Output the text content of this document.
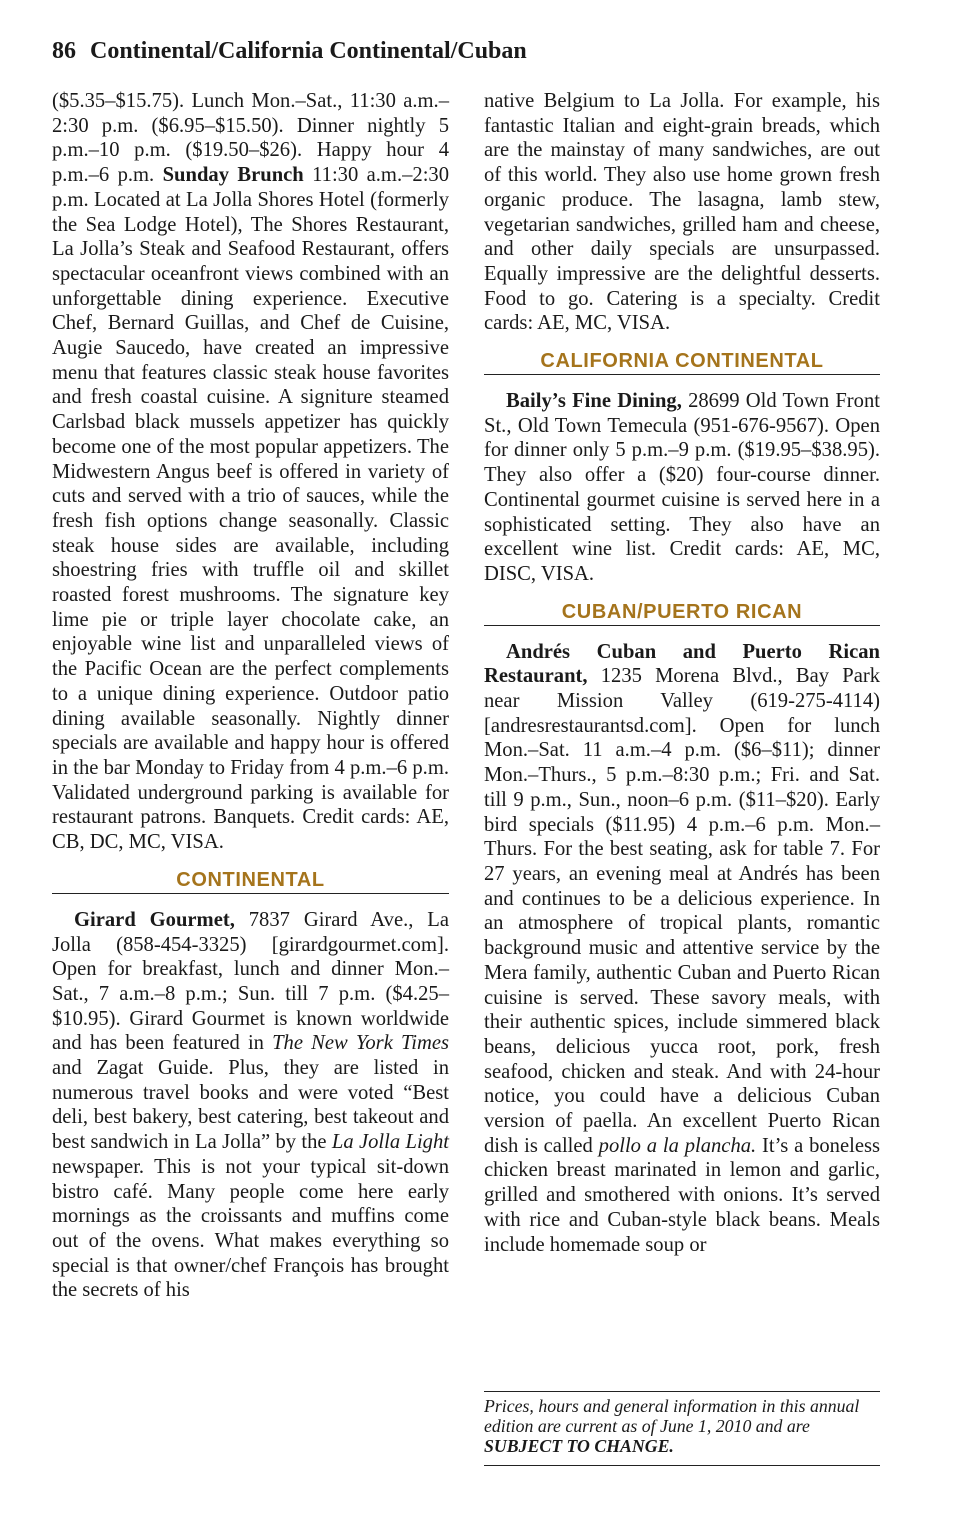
86 Continental/California Continental/Cuban

($5.35–$15.75). Lunch Mon.–Sat., 11:30 a.m.–2:30 p.m. ($6.95–$15.50). Dinner nightly 5 p.m.–10 p.m. ($19.50–$26). Happy hour 4 p.m.–6 p.m. Sunday Brunch 11:30 a.m.–2:30 p.m. Located at La Jolla Shores Hotel (formerly the Sea Lodge Hotel), The Shores Restaurant, La Jolla’s Steak and Seafood Restaurant, offers spectacular oceanfront views combined with an unforgettable dining experience. Executive Chef, Bernard Guillas, and Chef de Cuisine, Augie Saucedo, have created an impressive menu that features classic steak house favorites and fresh coastal cuisine. A signiture steamed Carlsbad black mussels appetizer has quickly become one of the most popular appetizers. The Midwestern Angus beef is offered in variety of cuts and served with a trio of sauces, while the fresh fish options change seasonally. Classic steak house sides are available, including shoestring fries with truffle oil and skillet roasted forest mushrooms. The signature key lime pie or triple layer chocolate cake, an enjoyable wine list and unparalleled views of the Pacific Ocean are the perfect complements to a unique dining experience. Outdoor patio dining available seasonally. Nightly dinner specials are available and happy hour is offered in the bar Monday to Friday from 4 p.m.–6 p.m. Validated underground parking is available for restaurant patrons. Banquets. Credit cards: AE, CB, DC, MC, VISA.

CONTINENTAL

Girard Gourmet, 7837 Girard Ave., La Jolla (858-454-3325) [girardgourmet.com]. Open for breakfast, lunch and dinner Mon.–Sat., 7 a.m.–8 p.m.; Sun. till 7 p.m. ($4.25–$10.95). Girard Gourmet is known worldwide and has been featured in The New York Times and Zagat Guide. Plus, they are listed in numerous travel books and were voted “Best deli, best bakery, best catering, best takeout and best sandwich in La Jolla” by the La Jolla Light newspaper. This is not your typical sit-down bistro café. Many people come here early mornings as the croissants and muffins come out of the ovens. What makes everything so special is that owner/chef François has brought the secrets of his

native Belgium to La Jolla. For example, his fantastic Italian and eight-grain breads, which are the mainstay of many sandwiches, are out of this world. They also use home grown fresh organic produce. The lasagna, lamb stew, vegetarian sandwiches, grilled ham and cheese, and other daily specials are unsurpassed. Equally impressive are the delightful desserts. Food to go. Catering is a specialty. Credit cards: AE, MC, VISA.

CALIFORNIA CONTINENTAL

Baily’s Fine Dining, 28699 Old Town Front St., Old Town Temecula (951-676-9567). Open for dinner only 5 p.m.–9 p.m. ($19.95–$38.95). They also offer a ($20) four-course dinner. Continental gourmet cuisine is served here in a sophisticated setting. They also have an excellent wine list. Credit cards: AE, MC, DISC, VISA.

CUBAN/PUERTO RICAN

Andrés Cuban and Puerto Rican Restaurant, 1235 Morena Blvd., Bay Park near Mission Valley (619-275-4114) [andresrestaurantsd.com]. Open for lunch Mon.–Sat. 11 a.m.–4 p.m. ($6–$11); dinner Mon.–Thurs., 5 p.m.–8:30 p.m.; Fri. and Sat. till 9 p.m., Sun., noon–6 p.m. ($11–$20). Early bird specials ($11.95) 4 p.m.–6 p.m. Mon.–Thurs. For the best seating, ask for table 7. For 27 years, an evening meal at Andrés has been and continues to be a delicious experience. In an atmosphere of tropical plants, romantic background music and attentive service by the Mera family, authentic Cuban and Puerto Rican cuisine is served. These savory meals, with their authentic spices, include simmered black beans, delicious yucca root, pork, fresh seafood, chicken and steak. And with 24-hour notice, you could have a delicious Cuban version of paella. An excellent Puerto Rican dish is called pollo a la plancha. It’s a boneless chicken breast marinated in lemon and garlic, grilled and smothered with onions. It’s served with rice and Cuban-style black beans. Meals include homemade soup or

Prices, hours and general information in this annual edition are current as of June 1, 2010 and are SUBJECT TO CHANGE.
